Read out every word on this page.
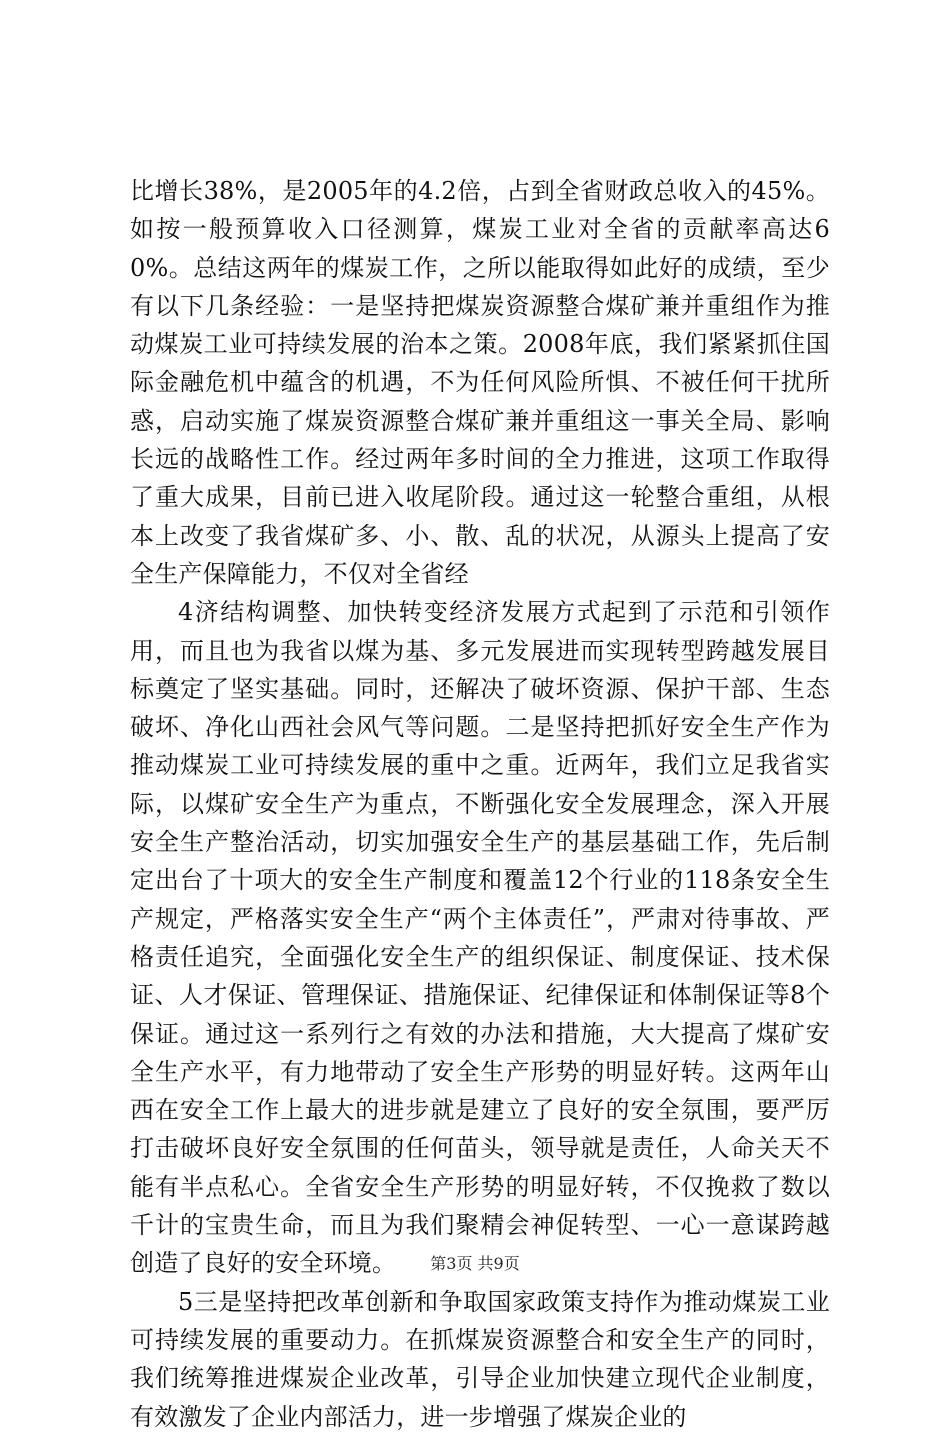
比增长38%，是2005年的4.2倍，占到全省财政总收入的45%。如按一般预算收入口径测算，煤炭工业对全省的贡献率高达60%。总结这两年的煤炭工作，之所以能取得如此好的成绩，至少有以下几条经验：一是坚持把煤炭资源整合煤矿兼并重组作为推动煤炭工业可持续发展的治本之策。2008年底，我们紧紧抓住国际金融危机中蕴含的机遇，不为任何风险所惧、不被任何干扰所惑，启动实施了煤炭资源整合煤矿兼并重组这一事关全局、影响长远的战略性工作。经过两年多时间的全力推进，这项工作取得了重大成果，目前已进入收尾阶段。通过这一轮整合重组，从根本上改变了我省煤矿多、小、散、乱的状况，从源头上提高了安全生产保障能力，不仅对全省经

4济结构调整、加快转变经济发展方式起到了示范和引领作用，而且也为我省以煤为基、多元发展进而实现转型跨越发展目标奠定了坚实基础。同时，还解决了破坏资源、保护干部、生态破坏、净化山西社会风气等问题。二是坚持把抓好安全生产作为推动煤炭工业可持续发展的重中之重。近两年，我们立足我省实际，以煤矿安全生产为重点，不断强化安全发展理念，深入开展安全生产整治活动，切实加强安全生产的基层基础工作，先后制定出台了十项大的安全生产制度和覆盖12个行业的118条安全生产规定，严格落实安全生产“两个主体责任”，严肃对待事故、严格责任追究，全面强化安全生产的组织保证、制度保证、技术保证、人才保证、管理保证、措施保证、纪律保证和体制保证等8个保证。通过这一系列行之有效的办法和措施，大大提高了煤矿安全生产水平，有力地带动了安全生产形势的明显好转。这两年山西在安全工作上最大的进步就是建立了良好的安全氛围，要严厉打击破坏良好安全氛围的任何苗头，领导就是责任，人命关天不能有半点私心。全省安全生产形势的明显好转，不仅挽救了数以千计的宝贵生命，而且为我们聚精会神促转型、一心一意谋跨越创造了良好的安全环境。

5三是坚持把改革创新和争取国家政策支持作为推动煤炭工业可持续发展的重要动力。在抓煤炭资源整合和安全生产的同时，我们统筹推进煤炭企业改革，引导企业加快建立现代企业制度，有效激发了企业内部活力，进一步增强了煤炭企业的

第3页 共9页
